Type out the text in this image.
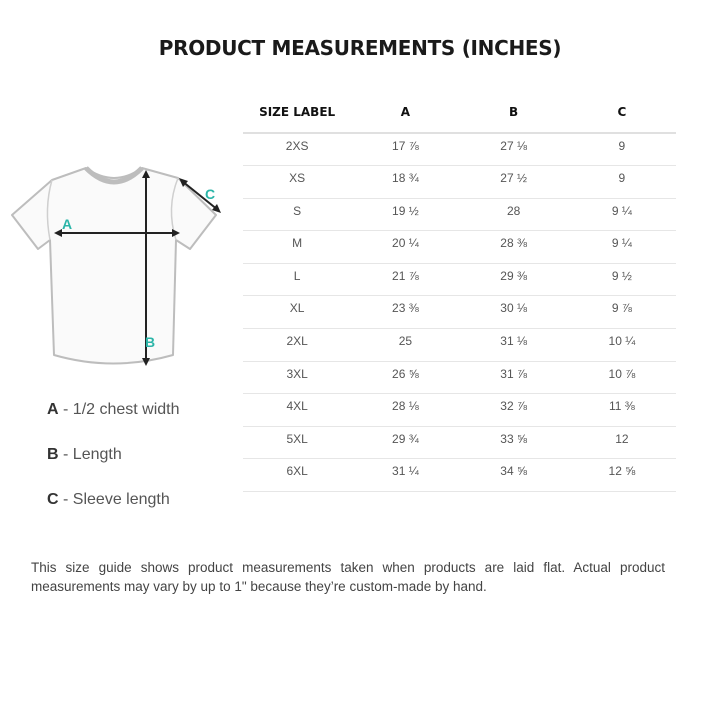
PRODUCT MEASUREMENTS (INCHES)
A
B
C
A - 1/2 chest width
B - Length
C - Sleeve length
SIZE LABEL	A	B	C
2XS	17 ⅞	27 ⅛	9
XS	18 ¾	27 ½	9
S	19 ½	28	9 ¼
M	20 ¼	28 ⅜	9 ¼
L	21 ⅞	29 ⅜	9 ½
XL	23 ⅜	30 ⅛	9 ⅞
2XL	25	31 ⅛	10 ¼
3XL	26 ⅝	31 ⅞	10 ⅞
4XL	28 ⅛	32 ⅞	11 ⅜
5XL	29 ¾	33 ⅝	12
6XL	31 ¼	34 ⅝	12 ⅝
This size guide shows product measurements taken when products are laid flat. Actual product measurements may vary by up to 1" because they’re custom-made by hand.
